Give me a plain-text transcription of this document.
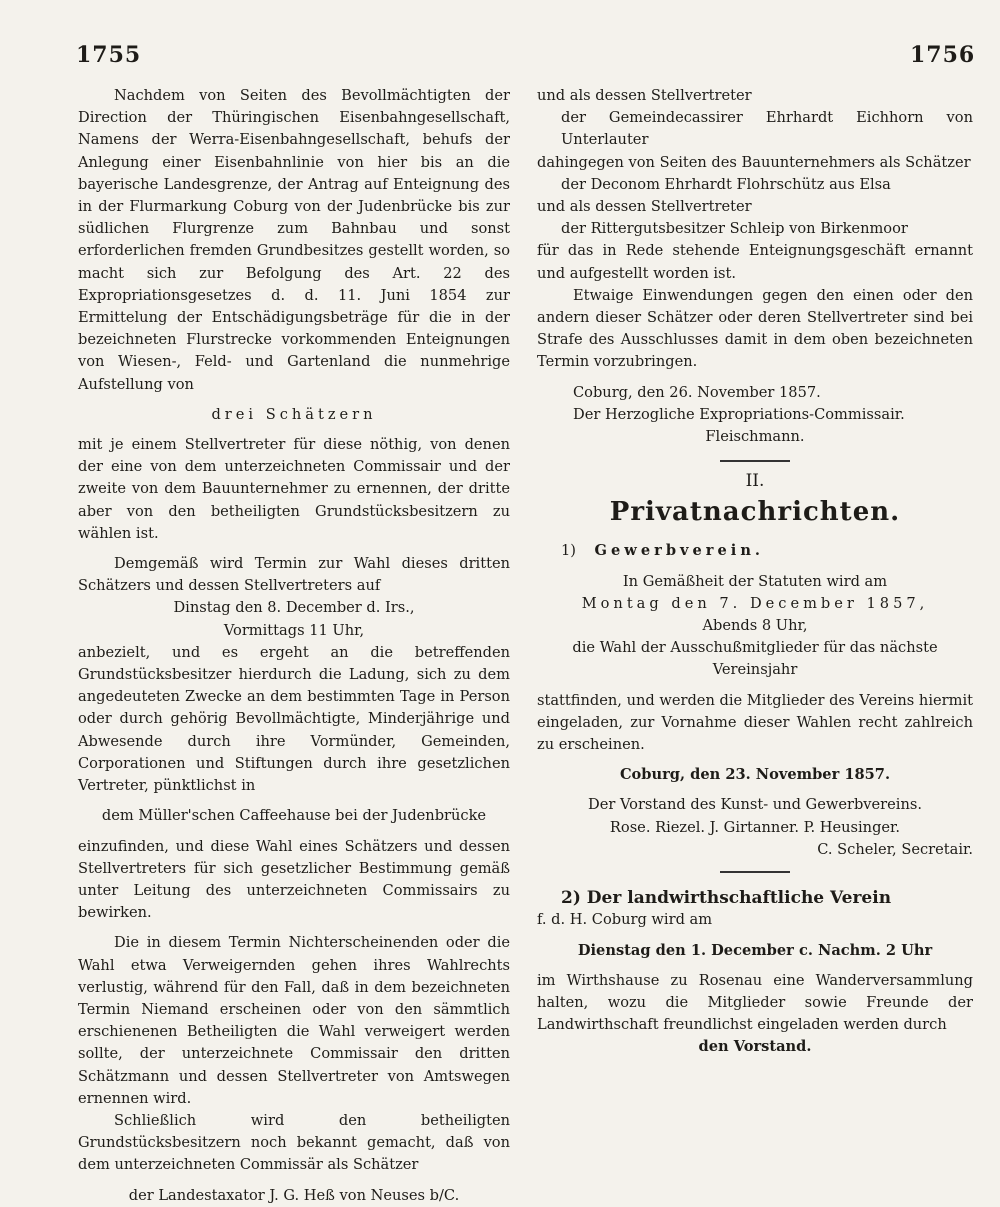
1755	1756

Nachdem von Seiten des Bevollmächtigten der Direction der Thüringischen Eisenbahngesellschaft, Namens der Werra-Eisenbahngesellschaft, behufs der Anlegung einer Eisenbahnlinie von hier bis an die bayerische Landesgrenze, der Antrag auf Enteignung des in der Flurmarkung Coburg von der Judenbrücke bis zur südlichen Flurgrenze zum Bahnbau und sonst erforderlichen fremden Grundbesitzes gestellt worden, so macht sich zur Befolgung des Art. 22 des Expropriationsgesetzes d. d. 11. Juni 1854 zur Ermittelung der Entschädigungsbeträge für die in der bezeichneten Flurstrecke vorkommenden Enteignungen von Wiesen-, Feld- und Gartenland die nunmehrige Aufstellung von

drei Schätzern

mit je einem Stellvertreter für diese nöthig, von denen der eine von dem unterzeichneten Commissair und der zweite von dem Bauunternehmer zu ernennen, der dritte aber von den betheiligten Grundstücksbesitzern zu wählen ist.

Demgemäß wird Termin zur Wahl dieses dritten Schätzers und dessen Stellvertreters auf

Dinstag den 8. December d. Irs.,

Vormittags 11 Uhr,

anbezielt, und es ergeht an die betreffenden Grundstücksbesitzer hierdurch die Ladung, sich zu dem angedeuteten Zwecke an dem bestimmten Tage in Person oder durch gehörig Bevollmächtigte, Minderjährige und Abwesende durch ihre Vormünder, Gemeinden, Corporationen und Stiftungen durch ihre gesetzlichen Vertreter, pünktlichst in

dem Müller'schen Caffeehause bei der Judenbrücke

einzufinden, und diese Wahl eines Schätzers und dessen Stellvertreters für sich gesetzlicher Bestimmung gemäß unter Leitung des unterzeichneten Commissairs zu bewirken.

Die in diesem Termin Nichterscheinenden oder die Wahl etwa Verweigernden gehen ihres Wahlrechts verlustig, während für den Fall, daß in dem bezeichneten Termin Niemand erscheinen oder von den sämmtlich erschienenen Betheiligten die Wahl verweigert werden sollte, der unterzeichnete Commissair den dritten Schätzmann und dessen Stellvertreter von Amtswegen ernennen wird.

Schließlich wird den betheiligten Grundstücksbesitzern noch bekannt gemacht, daß von dem unterzeichneten Commissär als Schätzer

der Landestaxator J. G. Heß von Neuses b/C.

und als dessen Stellvertreter

der Gemeindecassirer Ehrhardt Eichhorn von Unterlauter

dahingegen von Seiten des Bauunternehmers als Schätzer

der Deconom Ehrhardt Flohrschütz aus Elsa

und als dessen Stellvertreter

der Rittergutsbesitzer Schleip von Birkenmoor

für das in Rede stehende Enteignungsgeschäft ernannt und aufgestellt worden ist.

Etwaige Einwendungen gegen den einen oder den andern dieser Schätzer oder deren Stellvertreter sind bei Strafe des Ausschlusses damit in dem oben bezeichneten Termin vorzubringen.

Coburg, den 26. November 1857.

Der Herzogliche Expropriations-Commissair.

Fleischmann.

II.

Privatnachrichten.

1) Gewerbverein.

In Gemäßheit der Statuten wird am

Montag den 7. December 1857,

Abends 8 Uhr,

die Wahl der Ausschußmitglieder für das nächste Vereinsjahr

stattfinden, und werden die Mitglieder des Vereins hiermit eingeladen, zur Vornahme dieser Wahlen recht zahlreich zu erscheinen.

Coburg, den 23. November 1857.

Der Vorstand des Kunst- und Gewerbvereins.

Rose. Riezel. J. Girtanner. P. Heusinger.

C. Scheler, Secretair.

2) Der landwirthschaftliche Verein

f. d. H. Coburg wird am

Dienstag den 1. December c. Nachm. 2 Uhr

im Wirthshause zu Rosenau eine Wanderversammlung halten, wozu die Mitglieder sowie Freunde der Landwirthschaft freundlichst eingeladen werden durch

den Vorstand.
